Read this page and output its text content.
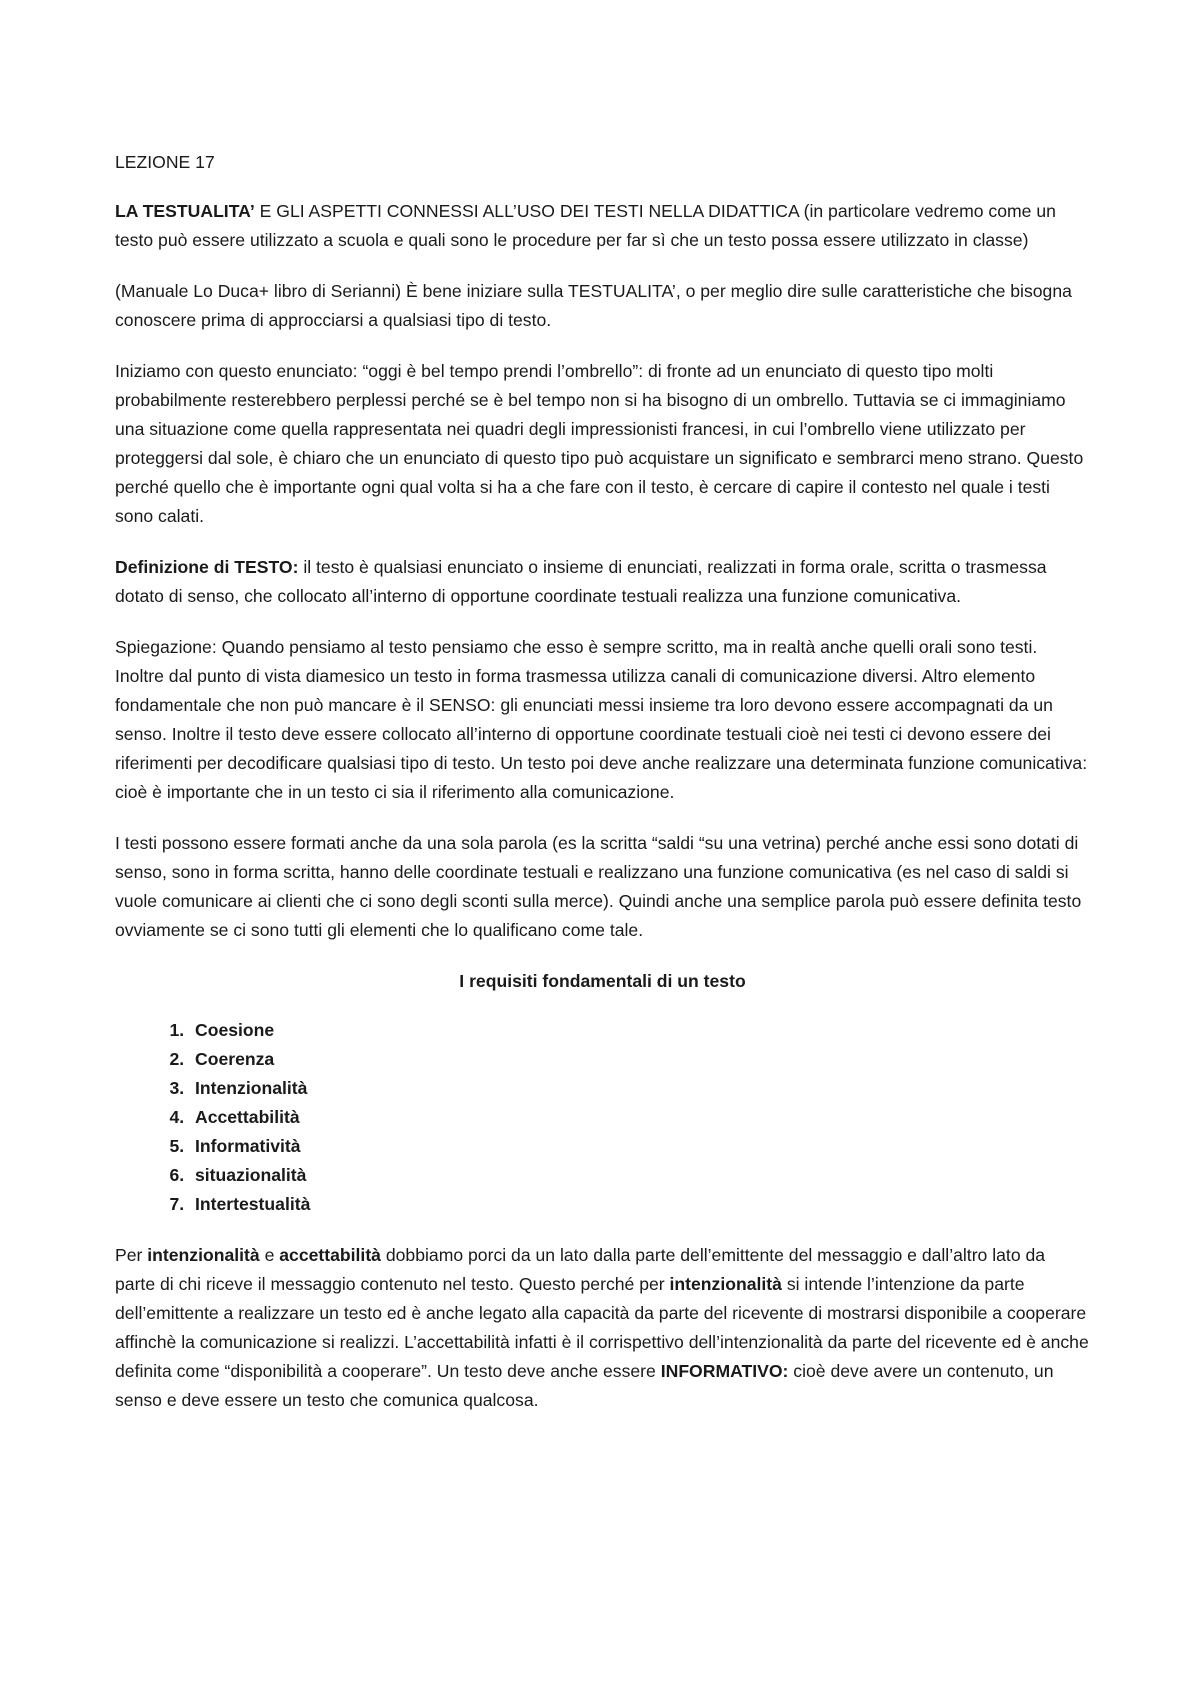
LEZIONE 17

LA TESTUALITA’ E GLI ASPETTI CONNESSI ALL’USO DEI TESTI NELLA DIDATTICA (in particolare vedremo come un testo può essere utilizzato a scuola e quali sono le procedure per far sì che un testo possa essere utilizzato in classe)

(Manuale Lo Duca+ libro di Serianni) È bene iniziare sulla TESTUALITA’, o per meglio dire sulle caratteristiche che bisogna conoscere prima di approcciarsi a qualsiasi tipo di testo.

Iniziamo con questo enunciato: “oggi è bel tempo prendi l’ombrello”: di fronte ad un enunciato di questo tipo molti probabilmente resterebbero perplessi perché se è bel tempo non si ha bisogno di un ombrello. Tuttavia se ci immaginiamo una situazione come quella rappresentata nei quadri degli impressionisti francesi, in cui l’ombrello viene utilizzato per proteggersi dal sole, è chiaro che un enunciato di questo tipo può acquistare un significato e sembrarci meno strano. Questo perché quello che è importante ogni qual volta si ha a che fare con il testo, è cercare di capire il contesto nel quale i testi sono calati.

Definizione di TESTO: il testo è qualsiasi enunciato o insieme di enunciati, realizzati in forma orale, scritta o trasmessa dotato di senso, che collocato all’interno di opportune coordinate testuali realizza una funzione comunicativa.

Spiegazione: Quando pensiamo al testo pensiamo che esso è sempre scritto, ma in realtà anche quelli orali sono testi. Inoltre dal punto di vista diamesico un testo in forma trasmessa utilizza canali di comunicazione diversi. Altro elemento fondamentale che non può mancare è il SENSO: gli enunciati messi insieme tra loro devono essere accompagnati da un senso. Inoltre il testo deve essere collocato all’interno di opportune coordinate testuali cioè nei testi ci devono essere dei riferimenti per decodificare qualsiasi tipo di testo. Un testo poi deve anche realizzare una determinata funzione comunicativa: cioè è importante che in un testo ci sia il riferimento alla comunicazione.

I testi possono essere formati anche da una sola parola (es la scritta “saldi “su una vetrina) perché anche essi sono dotati di senso, sono in forma scritta, hanno delle coordinate testuali e realizzano una funzione comunicativa (es nel caso di saldi si vuole comunicare ai clienti che ci sono degli sconti sulla merce). Quindi anche una semplice parola può essere definita testo ovviamente se ci sono tutti gli elementi che lo qualificano come tale.

I requisiti fondamentali di un testo

1. Coesione
2. Coerenza
3. Intenzionalità
4. Accettabilità
5. Informatività
6. situazionalità
7. Intertestualità

Per intenzionalità e accettabilità dobbiamo porci da un lato dalla parte dell’emittente del messaggio e dall’altro lato da parte di chi riceve il messaggio contenuto nel testo. Questo perché per intenzionalità si intende l’intenzione da parte dell’emittente a realizzare un testo ed è anche legato alla capacità da parte del ricevente di mostrarsi disponibile a cooperare affinchè la comunicazione si realizzi. L’accettabilità infatti è il corrispettivo dell’intenzionalità da parte del ricevente ed è anche definita come “disponibilità a cooperare”. Un testo deve anche essere INFORMATIVO: cioè deve avere un contenuto, un senso e deve essere un testo che comunica qualcosa.
